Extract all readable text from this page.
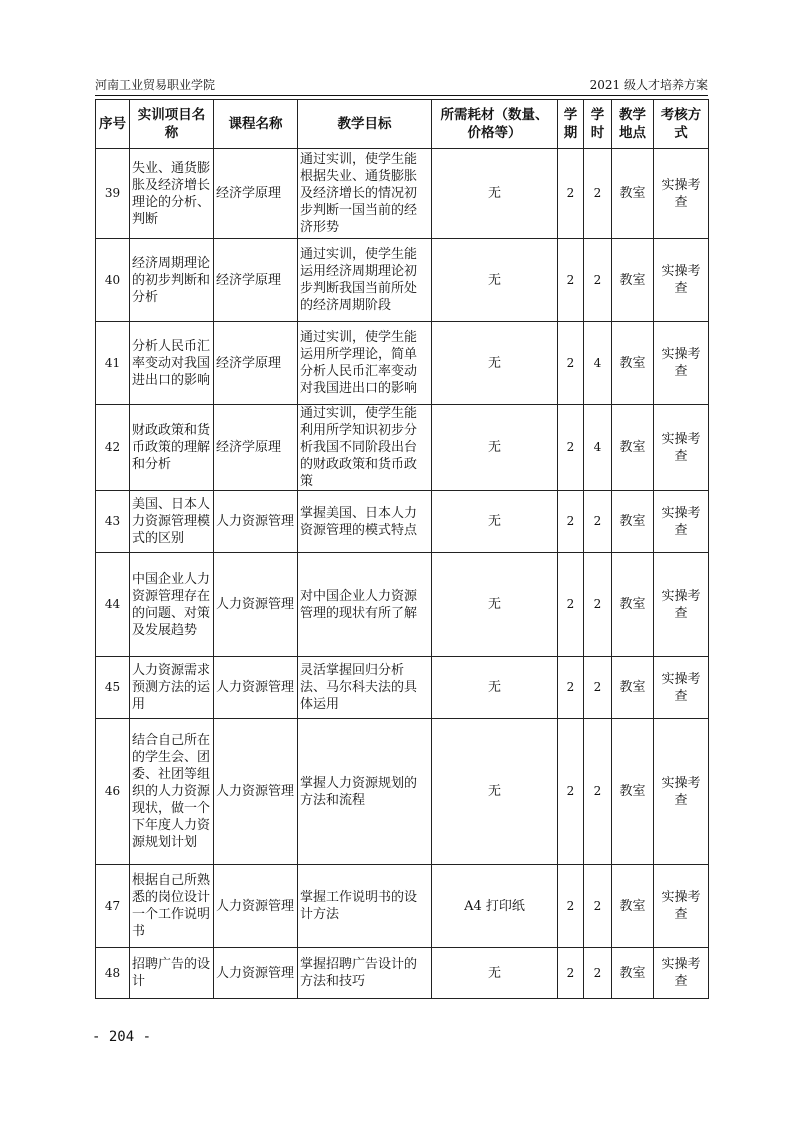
河南工业贸易职业学院	2021 级人才培养方案
序号	实训项目名称	课程名称	教学目标	所需耗材（数量、价格等）	学期	学时	教学地点	考核方式
39	失业、通货膨胀及经济增长理论的分析、判断	经济学原理	通过实训，使学生能根据失业、通货膨胀及经济增长的情况初步判断一国当前的经济形势	无	2	2	教室	实操考查
40	经济周期理论的初步判断和分析	经济学原理	通过实训，使学生能运用经济周期理论初步判断我国当前所处的经济周期阶段	无	2	2	教室	实操考查
41	分析人民币汇率变动对我国进出口的影响	经济学原理	通过实训，使学生能运用所学理论，简单分析人民币汇率变动对我国进出口的影响	无	2	4	教室	实操考查
42	财政政策和货币政策的理解和分析	经济学原理	通过实训，使学生能利用所学知识初步分析我国不同阶段出台的财政政策和货币政策	无	2	4	教室	实操考查
43	美国、日本人力资源管理模式的区别	人力资源管理	掌握美国、日本人力资源管理的模式特点	无	2	2	教室	实操考查
44	中国企业人力资源管理存在的问题、对策及发展趋势	人力资源管理	对中国企业人力资源管理的现状有所了解	无	2	2	教室	实操考查
45	人力资源需求预测方法的运用	人力资源管理	灵活掌握回归分析法、马尔科夫法的具体运用	无	2	2	教室	实操考查
46	结合自己所在的学生会、团委、社团等组织的人力资源现状，做一个下年度人力资源规划计划	人力资源管理	掌握人力资源规划的方法和流程	无	2	2	教室	实操考查
47	根据自己所熟悉的岗位设计一个工作说明书	人力资源管理	掌握工作说明书的设计方法	A4 打印纸	2	2	教室	实操考查
48	招聘广告的设计	人力资源管理	掌握招聘广告设计的方法和技巧	无	2	2	教室	实操考查
- 204 -
